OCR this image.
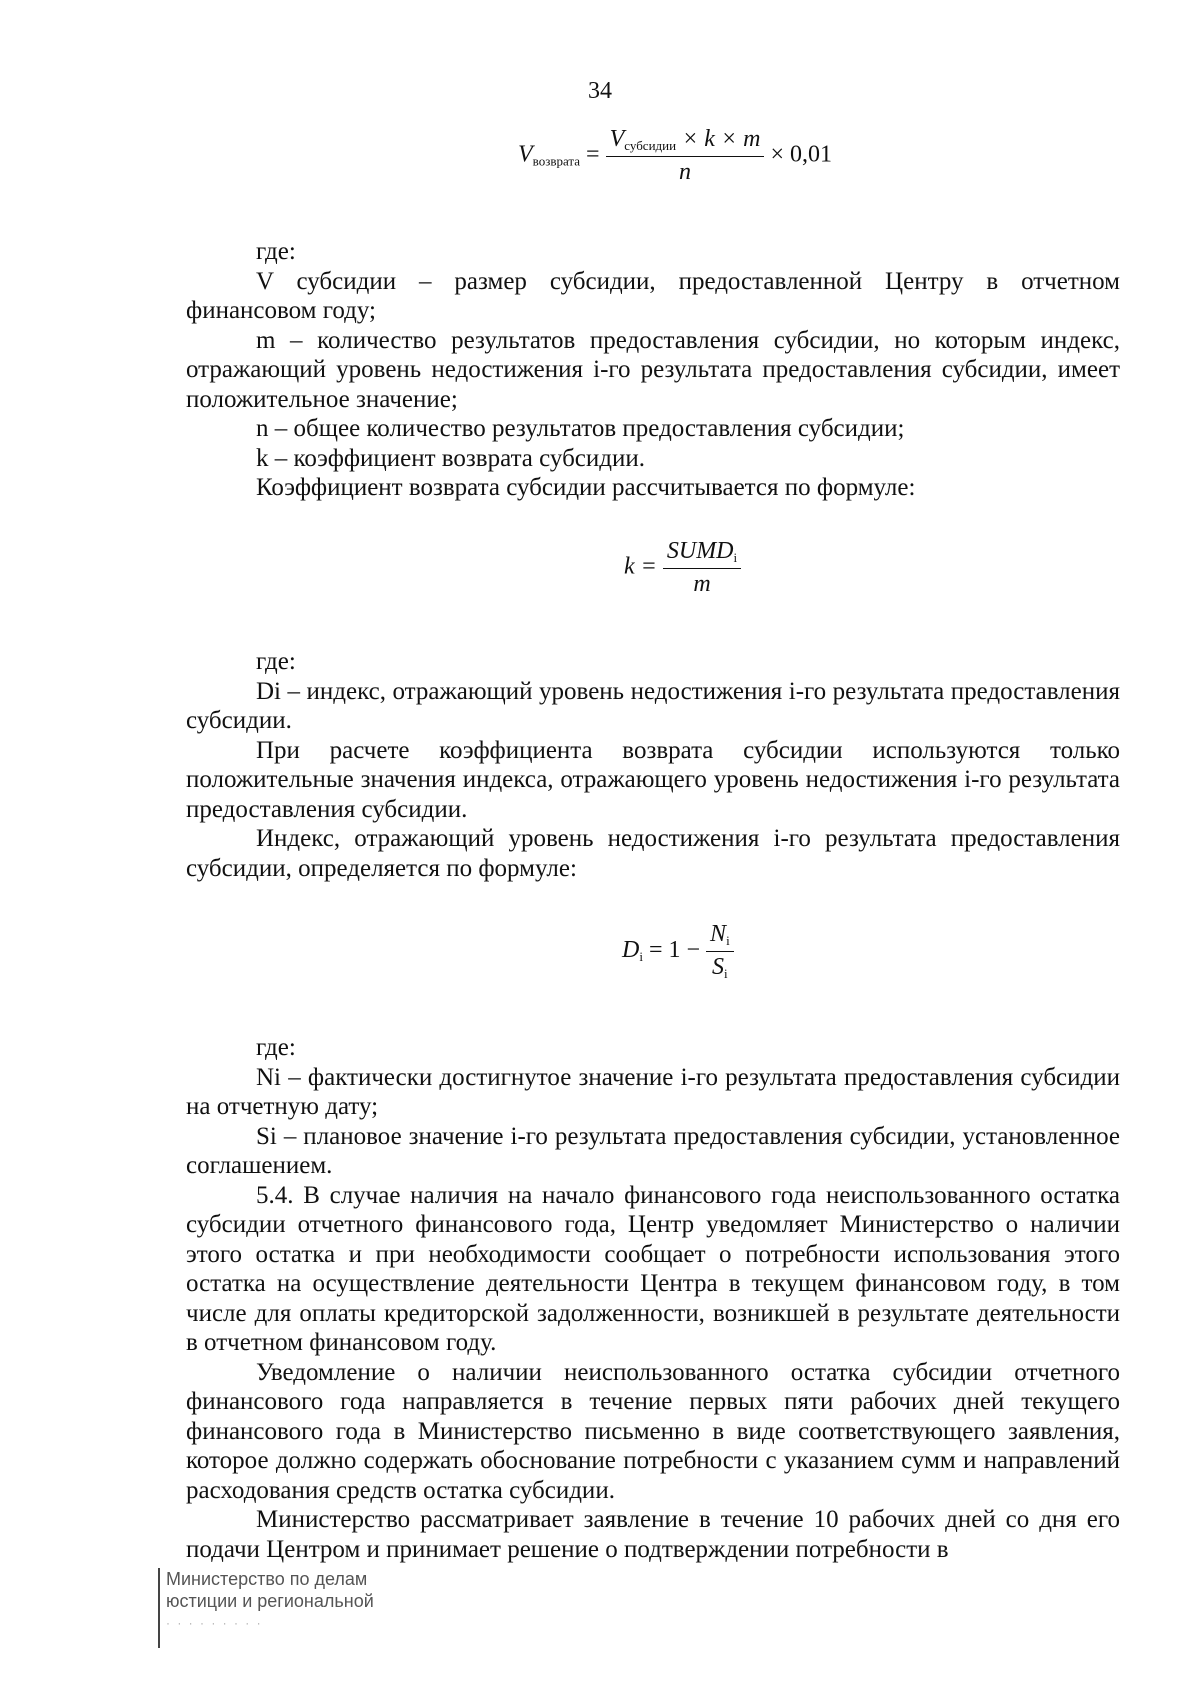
34
$V_{возврата} = \frac{V_{субсидии} \times k \times m}{n} \times 0,01$

где:

V субсидии – размер субсидии, предоставленной Центру в отчетном финансовом году;

m – количество результатов предоставления субсидии, но которым индекс, отражающий уровень недостижения i-го результата предоставления субсидии, имеет положительное значение;

n – общее количество результатов предоставления субсидии;

k – коэффициент возврата субсидии.

Коэффициент возврата субсидии рассчитывается по формуле:

$k = \frac{SUMD_i}{m}$

где:

Di – индекс, отражающий уровень недостижения i-го результата предоставления субсидии.

При расчете коэффициента возврата субсидии используются только положительные значения индекса, отражающего уровень недостижения i-го результата предоставления субсидии.

Индекс, отражающий уровень недостижения i-го результата предоставления субсидии, определяется по формуле:

$D_i = 1 - \frac{N_i}{S_i}$

где:

Ni – фактически достигнутое значение i-го результата предоставления субсидии на отчетную дату;

Si – плановое значение i-го результата предоставления субсидии, установленное соглашением.

5.4. В случае наличия на начало финансового года неиспользованного остатка субсидии отчетного финансового года, Центр уведомляет Министерство о наличии этого остатка и при необходимости сообщает о потребности использования этого остатка на осуществление деятельности Центра в текущем финансовом году, в том числе для оплаты кредиторской задолженности, возникшей в результате деятельности в отчетном финансовом году.

Уведомление о наличии неиспользованного остатка субсидии отчетного финансового года направляется в течение первых пяти рабочих дней текущего финансового года в Министерство письменно в виде соответствующего заявления, которое должно содержать обоснование потребности с указанием сумм и направлений расходования средств остатка субсидии.

Министерство рассматривает заявление в течение 10 рабочих дней со дня его подачи Центром и принимает решение о подтверждении потребности в

Министерство по делам
юстиции и региональной
· · · · · · · · ·
